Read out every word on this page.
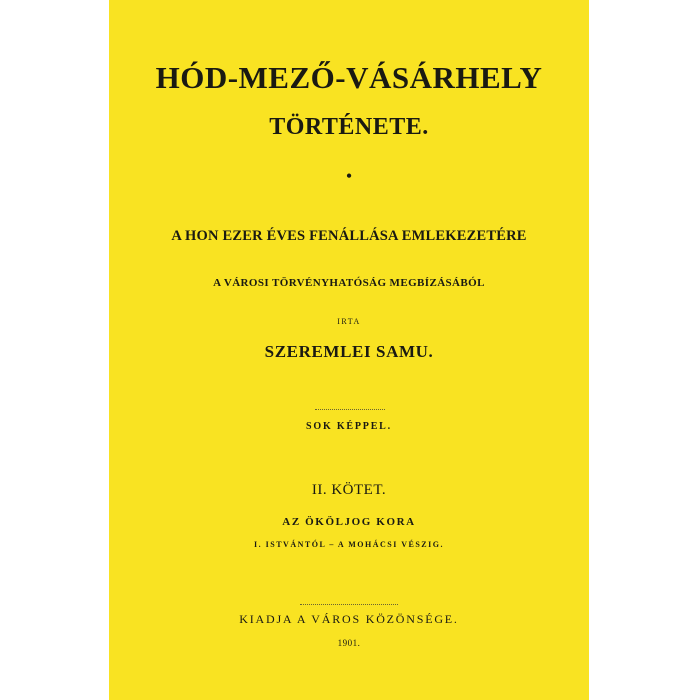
HÓD-MEZŐ-VÁSÁRHELY
TÖRTÉNETE.
•
A HON EZER ÉVES FENÁLLÁSA EMLEKEZETÉRE
A VÁROSI TÖRVÉNYHATÓSÁG MEGBÍZÁSÁBÓL
IRTA
SZEREMLEI SAMU.
SOK KÉPPEL.
II. KÖTET.
AZ ÖKÖLJOG KORA
I. ISTVÁNTÓL – A MOHÁCSI VÉSZIG.
KIADJA A VÁROS KÖZÖNSÉGE.
1901.
